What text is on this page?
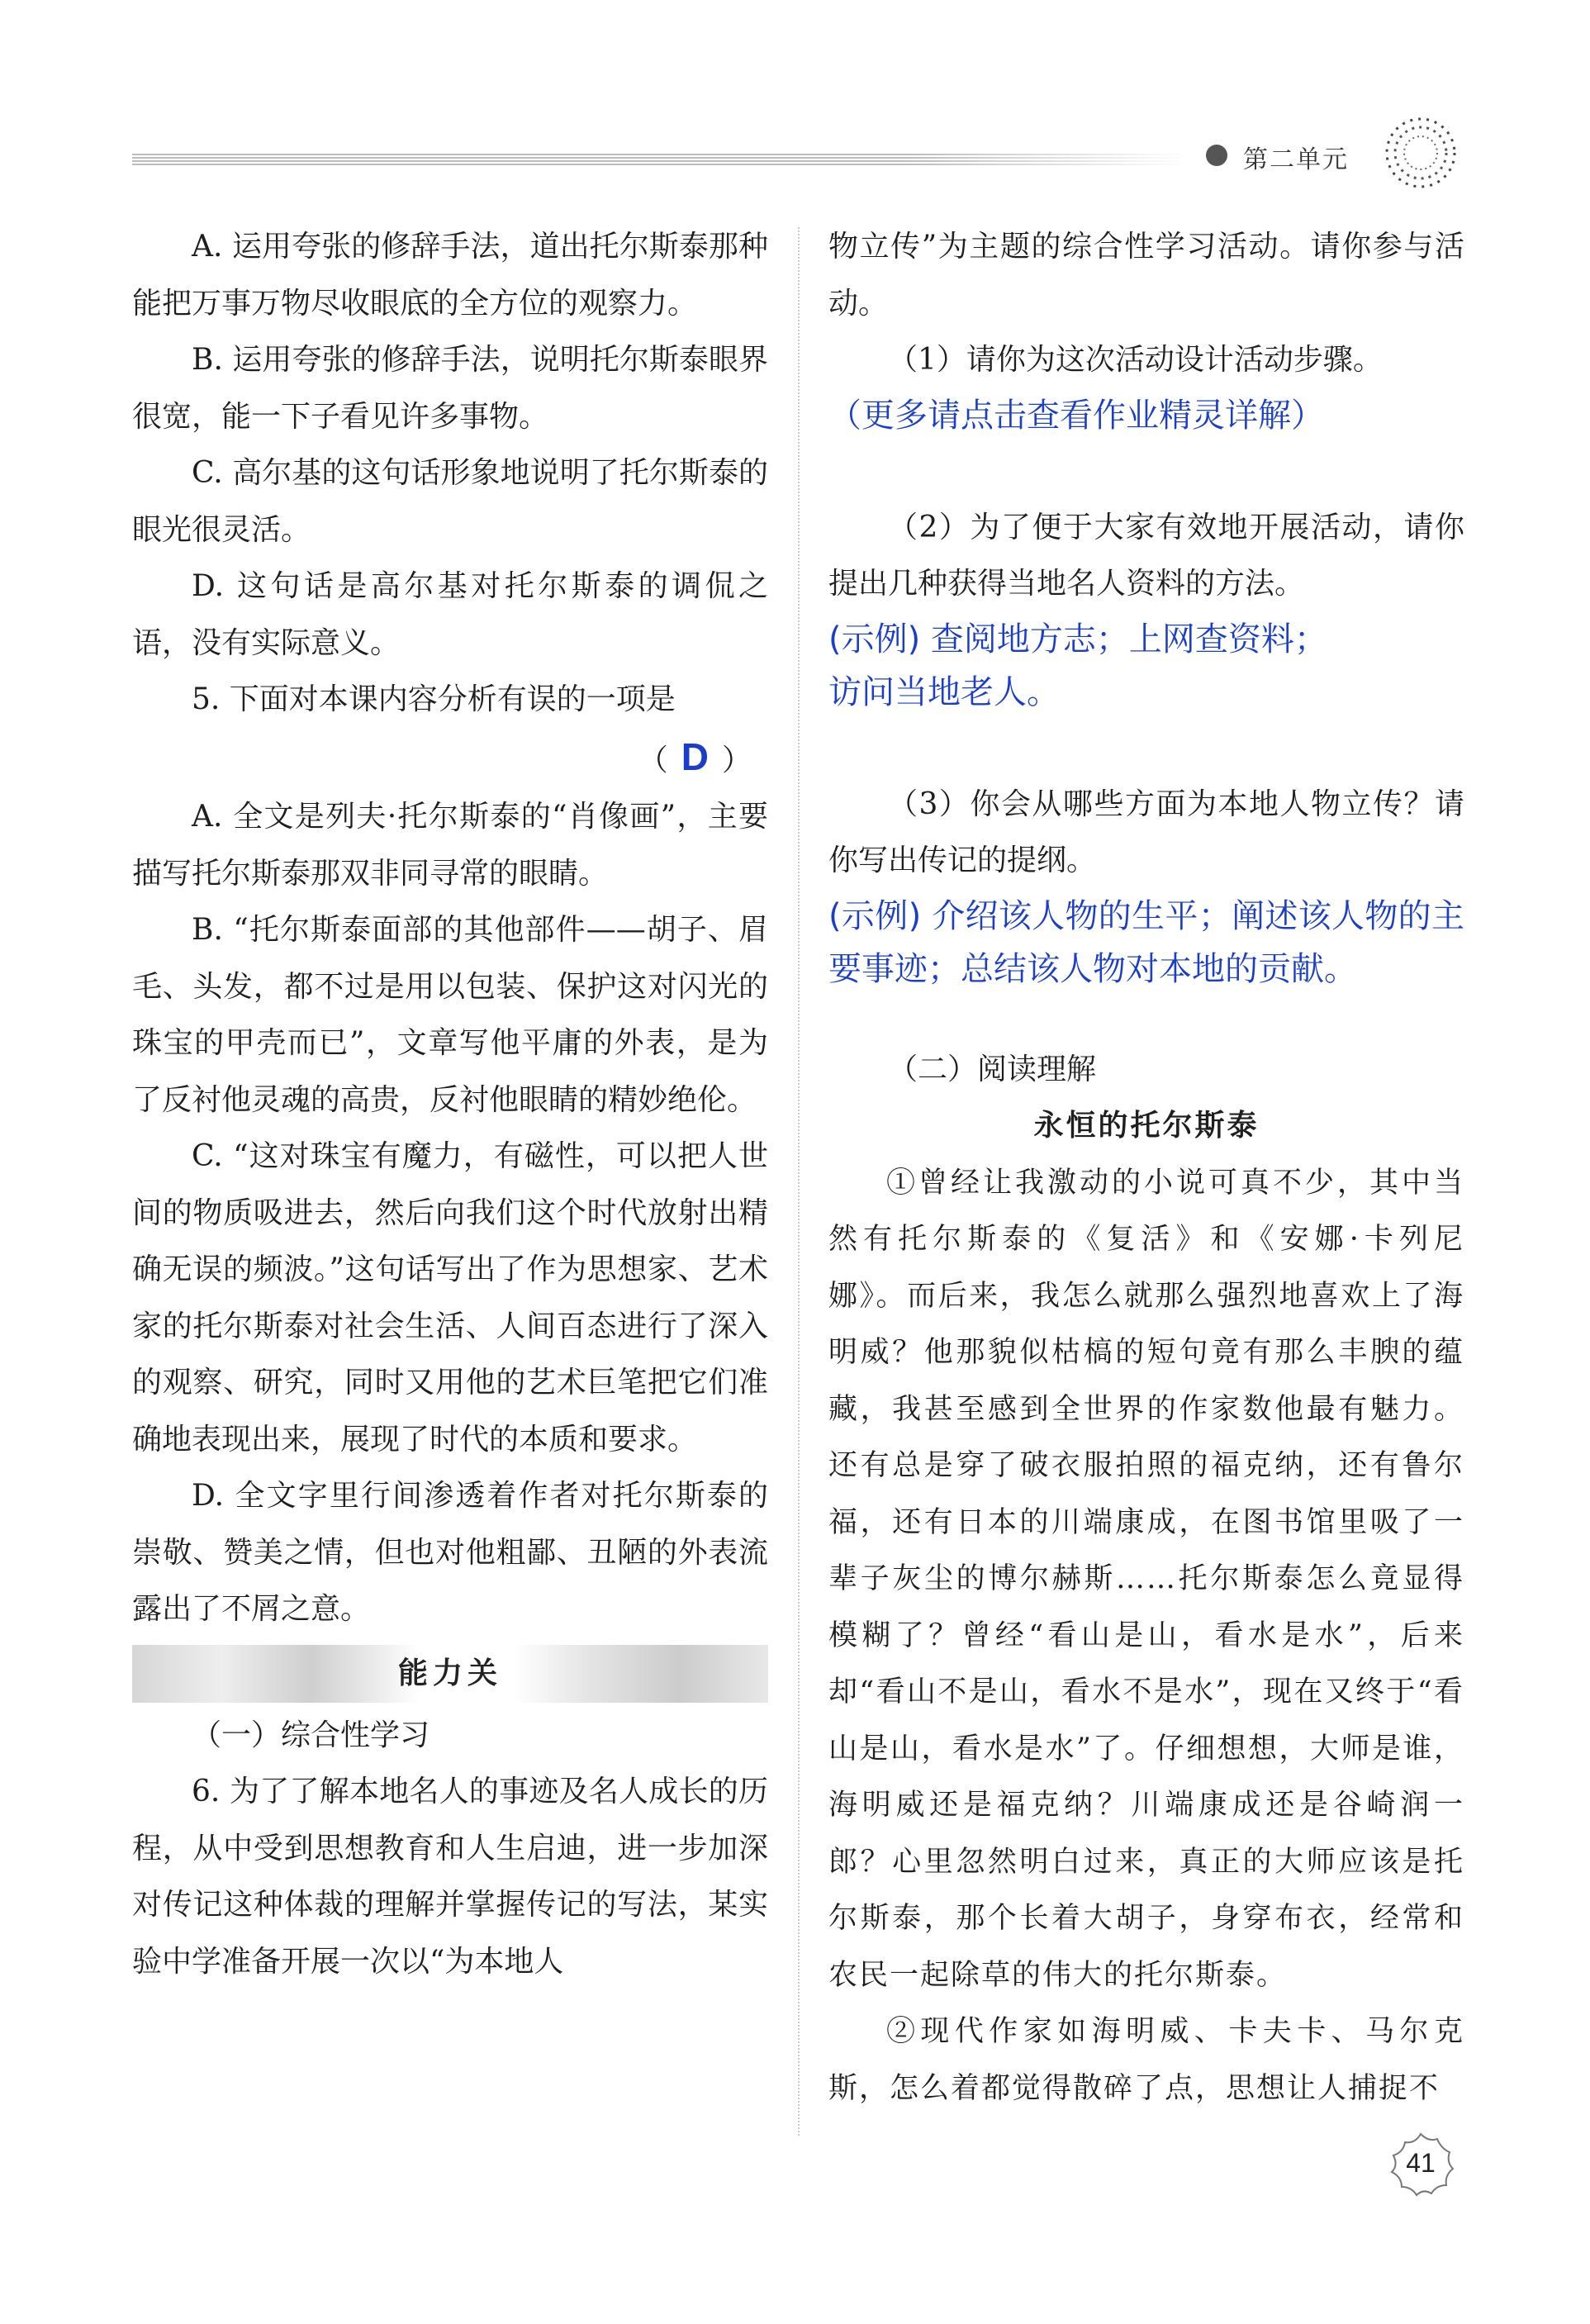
第二单元

A. 运用夸张的修辞手法，道出托尔斯泰那种能把万事万物尽收眼底的全方位的观察力。

B. 运用夸张的修辞手法，说明托尔斯泰眼界很宽，能一下子看见许多事物。

C. 高尔基的这句话形象地说明了托尔斯泰的眼光很灵活。

D. 这句话是高尔基对托尔斯泰的调侃之语，没有实际意义。

5. 下面对本课内容分析有误的一项是

（ D ）

A. 全文是列夫·托尔斯泰的“肖像画”，主要描写托尔斯泰那双非同寻常的眼睛。

B. “托尔斯泰面部的其他部件——胡子、眉毛、头发，都不过是用以包装、保护这对闪光的珠宝的甲壳而已”，文章写他平庸的外表，是为了反衬他灵魂的高贵，反衬他眼睛的精妙绝伦。

C. “这对珠宝有魔力，有磁性，可以把人世间的物质吸进去，然后向我们这个时代放射出精确无误的频波。”这句话写出了作为思想家、艺术家的托尔斯泰对社会生活、人间百态进行了深入的观察、研究，同时又用他的艺术巨笔把它们准确地表现出来，展现了时代的本质和要求。

D. 全文字里行间渗透着作者对托尔斯泰的崇敬、赞美之情，但也对他粗鄙、丑陋的外表流露出了不屑之意。

能力关

（一）综合性学习

6. 为了了解本地名人的事迹及名人成长的历程，从中受到思想教育和人生启迪，进一步加深对传记这种体裁的理解并掌握传记的写法，某实验中学准备开展一次以“为本地人

物立传”为主题的综合性学习活动。请你参与活动。

（1）请你为这次活动设计活动步骤。

（更多请点击查看作业精灵详解）

（2）为了便于大家有效地开展活动，请你提出几种获得当地名人资料的方法。

(示例) 查阅地方志；上网查资料；

访问当地老人。

（3）你会从哪些方面为本地人物立传？请你写出传记的提纲。

(示例) 介绍该人物的生平；阐述该人物的主要事迹；总结该人物对本地的贡献。

（二）阅读理解

永恒的托尔斯泰

①曾经让我激动的小说可真不少，其中当然有托尔斯泰的《复活》和《安娜·卡列尼娜》。而后来，我怎么就那么强烈地喜欢上了海明威？他那貌似枯槁的短句竟有那么丰腴的蕴藏，我甚至感到全世界的作家数他最有魅力。还有总是穿了破衣服拍照的福克纳，还有鲁尔福，还有日本的川端康成，在图书馆里吸了一辈子灰尘的博尔赫斯……托尔斯泰怎么竟显得模糊了？曾经“看山是山，看水是水”，后来却“看山不是山，看水不是水”，现在又终于“看山是山，看水是水”了。仔细想想，大师是谁，海明威还是福克纳？川端康成还是谷崎润一郎？心里忽然明白过来，真正的大师应该是托尔斯泰，那个长着大胡子，身穿布衣，经常和农民一起除草的伟大的托尔斯泰。

②现代作家如海明威、卡夫卡、马尔克斯，怎么着都觉得散碎了点，思想让人捕捉不

41
